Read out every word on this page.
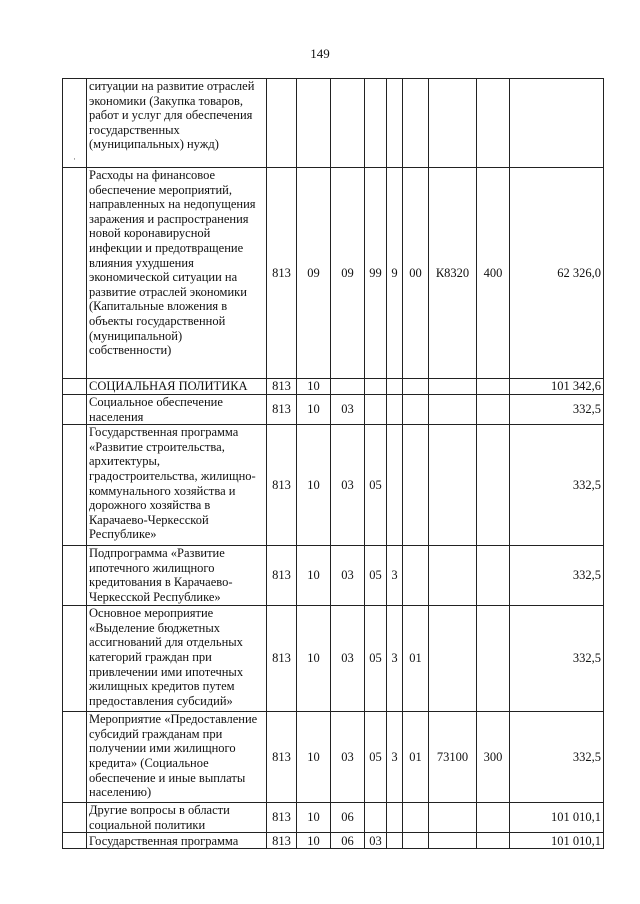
149
·	ситуации на развитие отраслей экономики (Закупка товаров, работ и услуг для обеспечения государственных (муниципальных) нужд)									
	Расходы на финансовое обеспечение мероприятий, направленных на недопущения заражения и распространения новой коронавирусной инфекции и предотвращение влияния ухудшения экономической ситуации на развитие отраслей экономики (Капитальные вложения в объекты государственной (муниципальной) собственности)	813	09	09	99	9	00	К8320	400	62 326,0
	СОЦИАЛЬНАЯ ПОЛИТИКА	813	10							101 342,6
	Социальное обеспечение населения	813	10	03						332,5
	Государственная программа «Развитие строительства, архитектуры, градостроительства, жилищно-коммунального хозяйства и дорожного хозяйства в Карачаево-Черкесской Республике»	813	10	03	05					332,5
	Подпрограмма «Развитие ипотечного жилищного кредитования в Карачаево-Черкесской Республике»	813	10	03	05	3				332,5
	Основное мероприятие «Выделение бюджетных ассигнований для отдельных категорий граждан при привлечении ими ипотечных жилищных кредитов путем предоставления субсидий»	813	10	03	05	3	01			332,5
	Мероприятие «Предоставление субсидий гражданам при получении ими жилищного кредита» (Социальное обеспечение и иные выплаты населению)	813	10	03	05	3	01	73100	300	332,5
	Другие вопросы в области социальной политики	813	10	06						101 010,1
	Государственная программа	813	10	06	03					101 010,1
